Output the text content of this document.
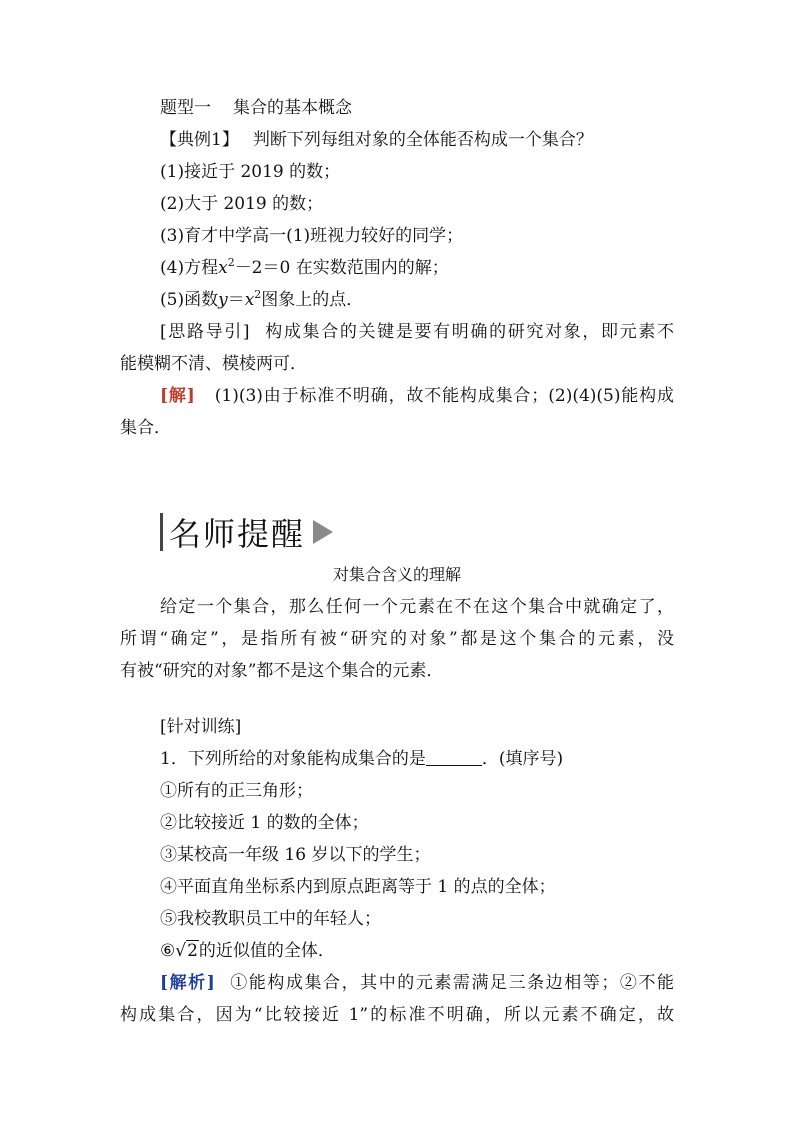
题型一 集合的基本概念
【典例1】 判断下列每组对象的全体能否构成一个集合？
(1)接近于 2019 的数；
(2)大于 2019 的数；
(3)育才中学高一(1)班视力较好的同学；
(4)方程$x^2-2=0$ 在实数范围内的解；
(5)函数$y=x^2$图象上的点．
[思路导引] 构成集合的关键是要有明确的研究对象，即元素不
能模糊不清、模棱两可．
[解] (1)(3)由于标准不明确，故不能构成集合；(2)(4)(5)能构成
集合．
名师提醒
对集合含义的理解
给定一个集合，那么任何一个元素在不在这个集合中就确定了，
所谓“确定”，是指所有被“研究的对象”都是这个集合的元素，没
有被“研究的对象”都不是这个集合的元素．
[针对训练]
1．下列所给的对象能构成集合的是	．(填序号)
①所有的正三角形；
②比较接近 1 的数的全体；
③某校高一年级 16 岁以下的学生；
④平面直角坐标系内到原点距离等于 1 的点的全体；
⑤我校教职员工中的年轻人；
⑥√2的近似值的全体．
[解析] ①能构成集合，其中的元素需满足三条边相等；②不能
构成集合，因为“比较接近 1”的标准不明确，所以元素不确定，故
